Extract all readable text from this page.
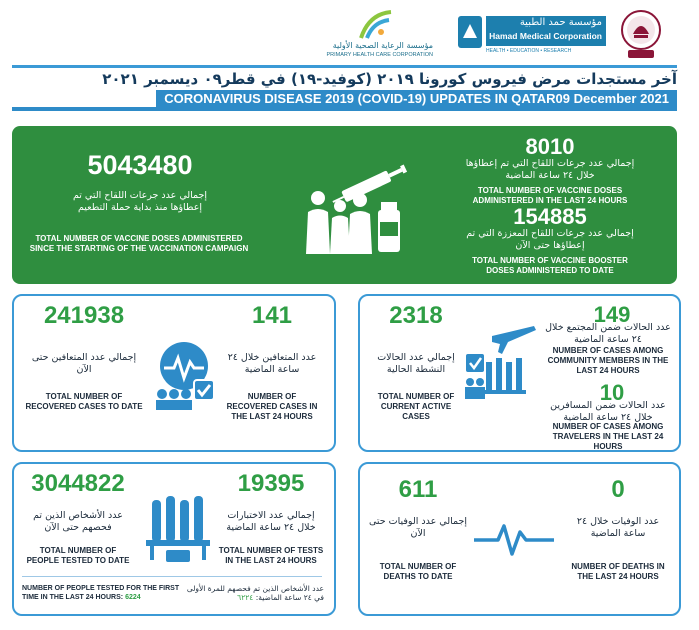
مؤسسة حمد الطبية
Hamad Medical Corporation
HEALTH • EDUCATION • RESEARCH
مؤسسة الرعاية الصحية الأولية
PRIMARY HEALTH CARE CORPORATION
آخر مستجدات مرض فيروس كورونا ٢٠١٩ (كوفيد-١٩) في قطر٠٩ ديسمبر ٢٠٢١
CORONAVIRUS DISEASE 2019 (COVID-19) UPDATES IN QATAR09 December 2021
5043480
إجمالي عدد جرعات اللقاح التي تم إعطاؤها منذ بداية حملة التطعيم
TOTAL NUMBER OF VACCINE DOSES ADMINISTERED SINCE THE STARTING OF THE VACCINATION CAMPAIGN
8010
إجمالي عدد جرعات اللقاح التي تم إعطاؤها خلال ٢٤ ساعة الماضية
TOTAL NUMBER OF VACCINE DOSES ADMINISTERED IN THE LAST 24 HOURS
154885
إجمالي عدد جرعات اللقاح المعززة التي تم إعطاؤها حتى الآن
TOTAL NUMBER OF VACCINE BOOSTER DOSES ADMINISTERED TO DATE
241938
إجمالي عدد المتعافين حتى الآن
TOTAL NUMBER OF RECOVERED CASES TO DATE
141
عدد المتعافين خلال ٢٤ ساعة الماضية
NUMBER OF RECOVERED CASES IN THE LAST 24 HOURS
2318
إجمالي عدد الحالات النشطة الحالية
TOTAL NUMBER OF CURRENT ACTIVE CASES
149
عدد الحالات ضمن المجتمع خلال ٢٤ ساعة الماضية
NUMBER OF CASES AMONG COMMUNITY MEMBERS IN THE LAST 24 HOURS
10
عدد الحالات ضمن المسافرين خلال ٢٤ ساعة الماضية
NUMBER OF CASES AMONG TRAVELERS IN THE LAST 24 HOURS
3044822
عدد الأشخاص الذين تم فحصهم حتى الآن
TOTAL NUMBER OF PEOPLE TESTED TO DATE
19395
إجمالي عدد الاختبارات خلال ٢٤ ساعة الماضية
TOTAL NUMBER OF TESTS IN THE LAST 24 HOURS
NUMBER OF PEOPLE TESTED FOR THE FIRST TIME IN THE LAST 24 HOURS: 6224
عدد الأشخاص الذين تم فحصهم للمرة الأولى في ٢٤ ساعة الماضية: ٦٢٢٤
611
إجمالي عدد الوفيات حتى الآن
TOTAL NUMBER OF DEATHS TO DATE
0
عدد الوفيات خلال ٢٤ ساعة الماضية
NUMBER OF DEATHS IN THE LAST 24 HOURS
